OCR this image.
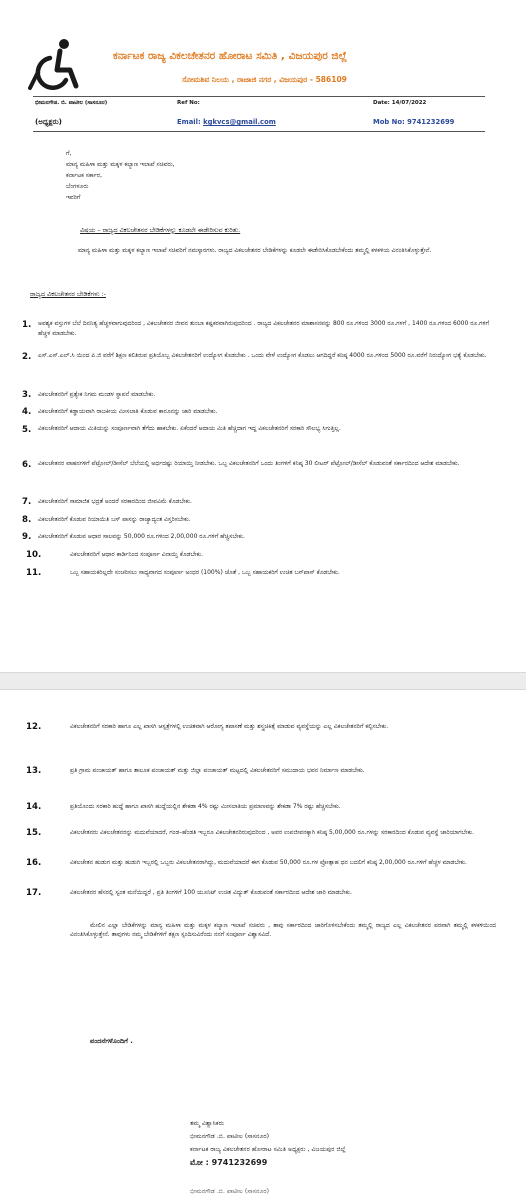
ಕರ್ನಾಟಕ ರಾಜ್ಯ ವಿಕಲಚೇತನರ ಹೋರಾಟ ಸಮಿತಿ , ವಿಜಯಪುರ ಜಿಲ್ಲೆ
ಸೋಮಶಿವ ನಿಲಯ , ರಾಜಾಜಿ ನಗರ , ವಿಜಯಪುರ - 586109
ಭೀಮನಗೌಡ. ಬಿ. ಪಾಟೀಲ (ಸಾಸನೂರ)	Ref No:	Date: 14/07/2022
(ಅಧ್ಯಕ್ಷರು)	Email: kgkvcs@gmail.com	Mob No: 9741232699
ಗೆ,
ಮಾನ್ಯ ಮಹಿಳಾ ಮತ್ತು ಮಕ್ಕಳ ಕಲ್ಯಾಣ ಇಲಾಖೆ ಸಚಿವರು,
ಕರ್ನಾಟಕ ಸರ್ಕಾರ,
ಬೆಂಗಳೂರು
ಇವರಿಗೆ
ವಿಷಯ – ರಾಜ್ಯದ ವಿಕಲಚೇತನರ ಬೇಡಿಕೆಗಳನ್ನು ಕೂಡಲೇ ಈಡೇರಿಸುವ ಕುರಿತು.
ಮಾನ್ಯ ಮಹಿಳಾ ಮತ್ತು ಮಕ್ಕಳ ಕಲ್ಯಾಣ ಇಲಾಖೆ ಸಚಿವರಿಗೆ ನಮಸ್ಕಾರಗಳು. ರಾಜ್ಯದ ವಿಕಲಚೇತನರ ಬೇಡಿಕೆಗಳನ್ನು ಕೂಡಲೇ ಈಡೇರಿಸಿಕೊಡಬೇಕೆಂದು ತಮ್ಮಲ್ಲಿ ಕಳಕಳಿಯ ವಿನಂತಿಸಿಕೊಳ್ಳುತ್ತೇನೆ.
ರಾಜ್ಯದ ವಿಕಲಚೇತನರ ಬೇಡಿಕೆಗಳು :-
1. ಅವಶ್ಯಕ ವಸ್ತುಗಳ ಬೆಲೆ ದಿನನಿತ್ಯ ಹೆಚ್ಚಳವಾಗುವುದರಿಂದ , ವಿಕಲಚೇತನರ ಜೀವನ ತುಂಬಾ ಕಷ್ಟಕರವಾಗಿರುವುದರಿಂದ . ರಾಜ್ಯದ ವಿಕಲಚೇತನರ ಮಾಶಾಸನವನ್ನು 800 ರೂ.ಗಳಿಂದ 3000 ರೂ.ಗಳಗೆ , 1400 ರೂ.ಗಳಿಂದ 6000 ರೂ.ಗಳಿಗೆ ಹೆಚ್ಚಳ ಮಾಡಬೇಕು.
2. ಎಸ್.ಎಸ್.ಎಲ್.ಸಿ ಯಿಂದ ಪಿ.ಜಿ ವರೆಗೆ ಶಿಕ್ಷಣ ಕಲಿತಿರುವ ಪ್ರತಿಯೊಬ್ಬ ವಿಕಲಚೇತನರಿಗೆ ಉದ್ಯೋಗ ಕೊಡಬೇಕು . ಒಂದು ವೇಳೆ ಉದ್ಯೋಗ ಕೊಡಲು ಆಗದಿದ್ದರೆ ಕನಿಷ್ಠ 4000 ರೂ.ಗಳಿಂದ 5000 ರೂ.ವರೆಗೆ ನಿರುದ್ಯೋಗ ಭತ್ಯೆ ಕೊಡಬೇಕು.
3. ವಿಕಲಚೇತನರಿಗೆ ಪ್ರತ್ಯೇಕ ನಿಗಮ ಮಂಡಳ ಸ್ಥಾಪನೆ ಮಾಡಬೇಕು.
4. ವಿಕಲಚೇತನರಿಗೆ ಕಡ್ಡಾಯವಾಗಿ ರಾಜಕೀಯ ಮೀಸಲಾತಿ ಕೊಡುವ ಕಾನೂನನ್ನು ಜಾರಿ ಮಾಡಬೇಕು.
5. ವಿಕಲಚೇತನರಿಗೆ ಆದಾಯ ಮಿತಿಯನ್ನು ಸಂಪೂರ್ಣವಾಗಿ ತೆಗೆದು ಹಾಕಬೇಕು. ಏಕೆಂದರೆ ಆದಾಯ ಮಿತಿ ಹೆಚ್ಚಿದಾಗ ಇದ್ದ ವಿಕಲಚೇತನರಿಗೆ ಸರಕಾರಿ ಸೌಲಭ್ಯ ಸಿಗುತ್ತಿಲ್ಲ.
6. ವಿಕಲಚೇತನರ ವಾಹನಗಳಿಗೆ ಪೆಟ್ರೋಲ್/ಡೀಸೆಲ್ ಬೆಲೆಯಲ್ಲಿ ಅರ್ಧದಷ್ಟು ರಿಯಾಯ್ತಿ ನೀಡಬೇಕು. ಒಬ್ಬ ವಿಕಲಚೇತನರಿಗೆ ಒಂದು ತಿಂಗಳಿಗೆ ಕನಿಷ್ಠ 30 ಲೀಟರ್ ಪೆಟ್ರೋಲ್/ಡೀಸೆಲ್ ಕೊಡುವಂತೆ ಸರ್ಕಾರದಿಂದ ಆದೇಶ ಮಾಡಬೇಕು.
7. ವಿಕಲಚೇತನರಿಗೆ ಸಾಮಾಜಿಕ ಭದ್ರತೆ ಅಂದರೆ ಸರಕಾರದಿಂದ ಜೀವವಿಮೆ ಕೊಡಬೇಕು.
8. ವಿಕಲಚೇತನರಿಗೆ ಕೊಡುವ ರಿಯಾಯಿತಿ ಬಸ್ ಪಾಸನ್ನು ರಾಜ್ಯಾದ್ಯಂತ ವಿಸ್ತರಿಸಬೇಕು.
9. ವಿಕಲಚೇತನರಿಗೆ ಕೊಡುವ ಆಧಾರ ಸಾಲವನ್ನು 50,000 ರೂ.ಗಳಿಂದ 2,00,000 ರೂ.ಗಳಿಗೆ ಹೆಚ್ಚಿಸಬೇಕು.
10.	ವಿಕಲಚೇತನರಿಗೆ ಆಧಾರ ಕಾರ್ಡಿನಿಂದ ಸಂಪೂರ್ಣ ವಿನಾಯ್ತಿ ಕೊಡಬೇಕು.
11.	ಒಬ್ಬ ಸಹಾಯಕರಿಲ್ಲದೇ ಸಂಚರಿಸಲು ಸಾಧ್ಯವಾಗದ ಸಂಪೂರ್ಣ ಅಂಧರ (100%) ಜೊತೆ , ಒಬ್ಬ ಸಹಾಯಕರಿಗೆ ಉಚಿತ ಬಸ್‌ಪಾಸ್ ಕೊಡಬೇಕು.
12.	ವಿಕಲಚೇತನರಿಗೆ ಸರಕಾರಿ ಹಾಗೂ ಎಲ್ಲ ಖಾಸಗಿ ಆಸ್ಪತ್ರೆಗಳಲ್ಲಿ ಉಚಿತವಾಗಿ ಆರೋಗ್ಯ ತಪಾಸಣೆ ಮತ್ತು ಶಸ್ತ್ರಚಿಕಿತ್ಸೆ ಮಾಡುವ ವ್ಯವಸ್ಥೆಯನ್ನು ಎಲ್ಲ ವಿಕಲಚೇತನರಿಗೆ ಕಲ್ಪಿಸಬೇಕು.
13.	ಪ್ರತಿ ಗ್ರಾಮ ಪಂಚಾಯತ್ ಹಾಗೂ ತಾಲೂಕ ಪಂಚಾಯತ್ ಮತ್ತು ಜಿಲ್ಲಾ ಪಂಚಾಯತ್ ಮಟ್ಟದಲ್ಲಿ ವಿಕಲಚೇತನರಿಗೆ ಸಮುದಾಯ ಭವನ ನಿರ್ಮಾಣ ಮಾಡಬೇಕು.
14.	ಪ್ರತಿಯೊಂದು ಸರಕಾರಿ ಹುದ್ದೆ ಹಾಗೂ ಖಾಸಗಿ ಹುದ್ದೆಯಲ್ಲಿನ ಶೇಕಡಾ 4% ರಷ್ಟು ಮೀಸಲಾತಿಯ ಪ್ರಮಾಣವನ್ನು ಶೇಕಡಾ 7% ರಷ್ಟು ಹೆಚ್ಚಿಸಬೇಕು.
15.	ವಿಕಲಚೇತನರು ವಿಕಲಚೇತನರನ್ನು ಮದುವೆಯಾದರೆ, ಗಂಡ–ಹೆಂಡತಿ ಇಬ್ಬರೂ ವಿಕಲಚೇತನರಿರುವುದರಿಂದ , ಅವರ ಉಪಜೀವನಕ್ಕಾಗಿ ಕನಿಷ್ಠ 5,00,000 ರೂ.ಗಳನ್ನು ಸರಕಾರದಿಂದ ಕೊಡುವ ವ್ಯವಸ್ಥೆ ಜಾರಿಯಾಗಬೇಕು.
16.	ವಿಕಲಚೇತನ ಹುಡುಗ ಮತ್ತು ಹುಡುಗಿ ಇಬ್ಬರಲ್ಲಿ ಒಬ್ಬರು ವಿಕಲಚೇತನರಾಗಿದ್ದು, ಮದುವೆಯಾದರೆ ಈಗ ಕೊಡುವ 50,000 ರೂ.ಗಳ ಪ್ರೋತ್ಸಾಹ ಧನ ಬದಲಿಗೆ ಕನಿಷ್ಠ 2,00,000 ರೂ.ಗಳಿಗೆ ಹೆಚ್ಚಳ ಮಾಡಬೇಕು.
17.	ವಿಕಲಚೇತನರ ಹೆಸರಲ್ಲಿ ಸ್ವಂತ ಮನೆಯಿದ್ದರೆ , ಪ್ರತಿ ತಿಂಗಳಿಗೆ 100 ಯೂನಿಟ್ ಉಚಿತ ವಿದ್ಯುತ್ ಕೊಡುವಂತೆ ಸರ್ಕಾರದಿಂದ ಆದೇಶ ಜಾರಿ ಮಾಡಬೇಕು.
ಮೇಲಿನ ಎಲ್ಲಾ ಬೇಡಿಕೆಗಳನ್ನು ಮಾನ್ಯ ಮಹಿಳಾ ಮತ್ತು ಮಕ್ಕಳ ಕಲ್ಯಾಣ ಇಲಾಖೆ ಸಚಿವರು , ತಾವು ಸರ್ಕಾರದಿಂದ ಜಾರಿಗೊಳಿಸಬೇಕೆಂದು ತಮ್ಮಲ್ಲಿ ರಾಜ್ಯದ ಎಲ್ಲ ವಿಕಲಚೇತನರ ಪರವಾಗಿ ತಮ್ಮಲ್ಲಿ ಕಳಕಳಿಯಿಂದ ವಿನಂತಿಸಿಕೊಳ್ಳುತ್ತೇನೆ. ತಾವುಗಳು ನಮ್ಮ ಬೇಡಿಕೆಗಳಿಗೆ ತಕ್ಷಣ ಸ್ಪಂದಿಸುವಿರೆಂದು ನನಗೆ ಸಂಪೂರ್ಣ ವಿಶ್ವಾಸವಿದೆ.
ವಂದನೆಗಳೊಂದಿಗೆ .
ತಮ್ಮ ವಿಶ್ವಾಸಿಕರು
ಭೀಮನಗೌಡ .ಬಿ. ಪಾಟೀಲ (ಸಾಸನೂರ)
ಕರ್ನಾಟಕ ರಾಜ್ಯ ವಿಕಲಚೇತನರ ಹೋರಾಟ ಸಮಿತಿ ಅಧ್ಯಕ್ಷರು , ವಿಜಯಪುರ ಜಿಲ್ಲೆ
ಮೋ : 9741232699
ಭೀಮನಗೌಡ .ಬಿ. ಪಾಟೀಲ (ಸಾಸನೂರ)
